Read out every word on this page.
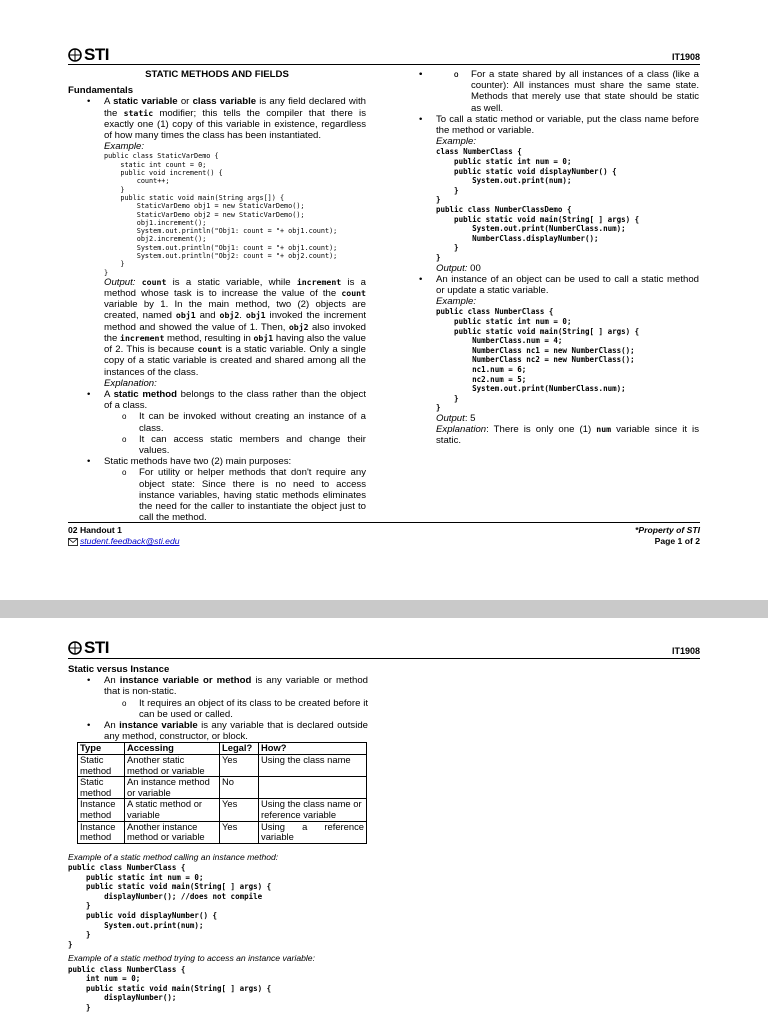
STI	IT1908

STATIC METHODS AND FIELDS

Fundamentals

• A static variable or class variable is any field declared with the static modifier; this tells the compiler that there is exactly one (1) copy of this variable in existence, regardless of how many times the class has been instantiated.
Example:
public class StaticVarDemo {
static int count = 0;
public void increment() {
count++;
}
public static void main(String args[]) {
StaticVarDemo obj1 = new StaticVarDemo();
StaticVarDemo obj2 = new StaticVarDemo();
obj1.increment();
System.out.println("Obj1: count = "+ obj1.count);
obj2.increment();
System.out.println("Obj1: count = "+ obj1.count);
System.out.println("Obj2: count = "+ obj2.count);
}
}
Output: count is a static variable, while increment is a method whose task is to increase the value of the count variable by 1. In the main method, two (2) objects are created, named obj1 and obj2. obj1 invoked the increment method and showed the value of 1. Then, obj2 also invoked the increment method, resulting in obj1 having also the value of 2. This is because count is a static variable. Only a single copy of a static variable is created and shared among all the instances of the class.
Explanation:
• A static method belongs to the class rather than the object of a class.
o It can be invoked without creating an instance of a class.
o It can access static members and change their values.
• Static methods have two (2) main purposes:
o For utility or helper methods that don't require any object state: Since there is no need to access instance variables, having static methods eliminates the need for the caller to instantiate the object just to call the method.
o • For a state shared by all instances of a class (like a counter): All instances must share the same state. Methods that merely use that state should be static as well.
• To call a static method or variable, put the class name before the method or variable.
Example:
class NumberClass {
public static int num = 0;
public static void displayNumber() {
System.out.print(num);
}
}
public class NumberClassDemo {
public static void main(String[ ] args) {
System.out.print(NumberClass.num);
NumberClass.displayNumber();
}
}
Output: 00
• An instance of an object can be used to call a static method or update a static variable.
Example:
public class NumberClass {
public static int num = 0;
public static void main(String[ ] args) {
NumberClass.num = 4;
NumberClass nc1 = new NumberClass();
NumberClass nc2 = new NumberClass();
nc1.num = 6;
nc2.num = 5;
System.out.print(NumberClass.num);
}
}
Output: 5
Explanation: There is only one (1) num variable since it is static.
02 Handout 1
student.feedback@sti.edu
*Property of STI
Page 1 of 2
STI	IT1908

Static versus Instance

• An instance variable or method is any variable or method that is non-static.
o It requires an object of its class to be created before it can be used or called.
• An instance variable is any variable that is declared outside any method, constructor, or block.
Type	Accessing	Legal?	How?
Static method	Another static method or variable	Yes	Using the class name
Static method	An instance method or variable	No	
Instance method	A static method or variable	Yes	Using the class name or reference variable
Instance method	Another instance method or variable	Yes	Using a reference variable
Example of a static method calling an instance method:
public class NumberClass {
public static int num = 0;
public static void main(String[ ] args) {
displayNumber(); //does not compile
}
public void displayNumber() {
System.out.print(num);
}
}
Example of a static method trying to access an instance variable:
public class NumberClass {
int num = 0;
public static void main(String[ ] args) {
displayNumber();
}
